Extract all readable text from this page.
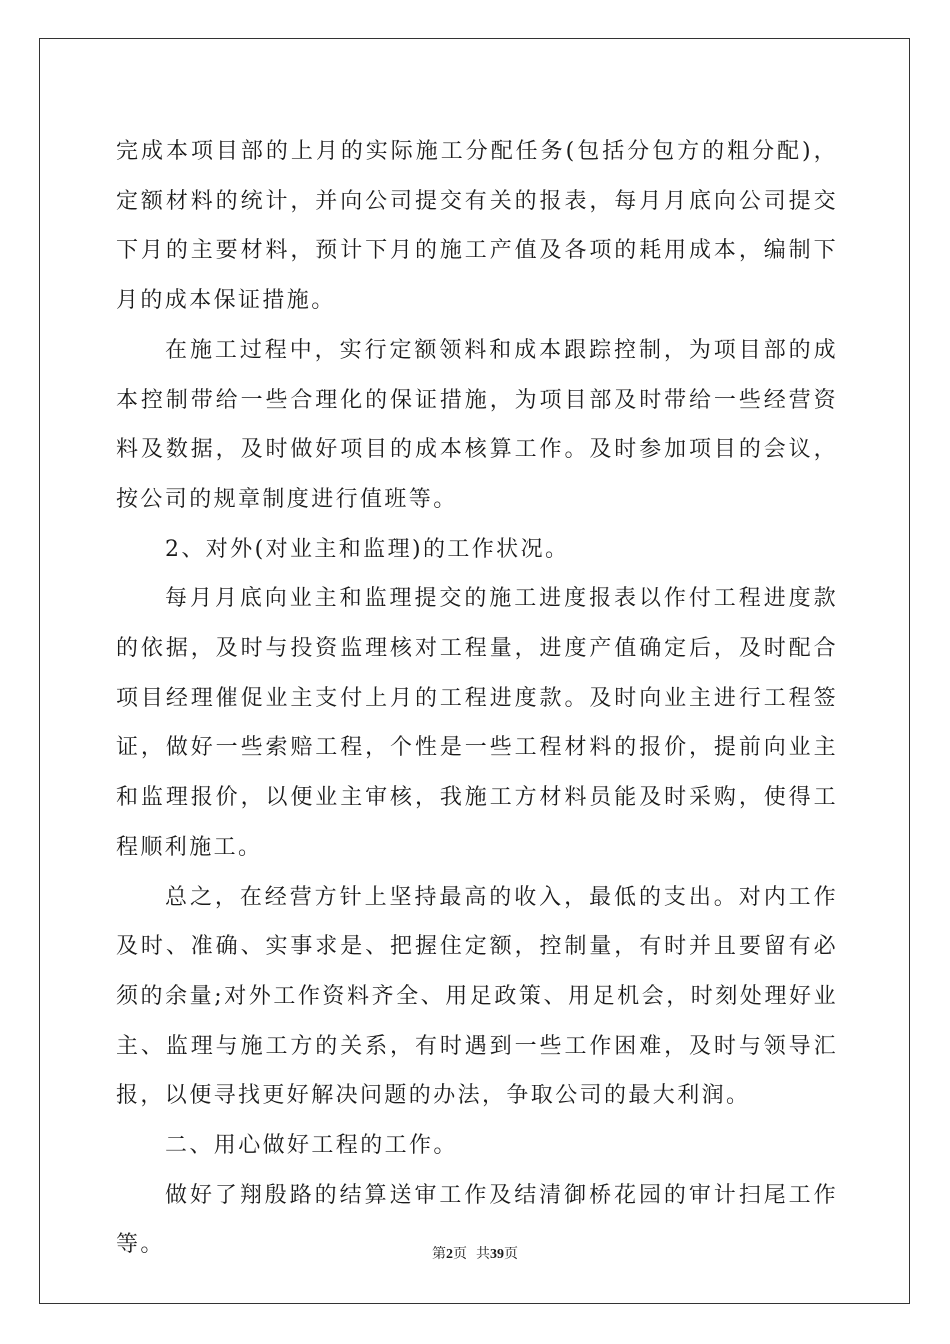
完成本项目部的上月的实际施工分配任务(包括分包方的粗分配)，定额材料的统计，并向公司提交有关的报表，每月月底向公司提交下月的主要材料，预计下月的施工产值及各项的耗用成本，编制下月的成本保证措施。

在施工过程中，实行定额领料和成本跟踪控制，为项目部的成本控制带给一些合理化的保证措施，为项目部及时带给一些经营资料及数据，及时做好项目的成本核算工作。及时参加项目的会议，按公司的规章制度进行值班等。

2、对外(对业主和监理)的工作状况。

每月月底向业主和监理提交的施工进度报表以作付工程进度款的依据，及时与投资监理核对工程量，进度产值确定后，及时配合项目经理催促业主支付上月的工程进度款。及时向业主进行工程签证，做好一些索赔工程，个性是一些工程材料的报价，提前向业主和监理报价，以便业主审核，我施工方材料员能及时采购，使得工程顺利施工。

总之，在经营方针上坚持最高的收入，最低的支出。对内工作及时、准确、实事求是、把握住定额，控制量，有时并且要留有必须的余量;对外工作资料齐全、用足政策、用足机会，时刻处理好业主、监理与施工方的关系，有时遇到一些工作困难，及时与领导汇报，以便寻找更好解决问题的办法，争取公司的最大利润。

二、用心做好工程的工作。

做好了翔殷路的结算送审工作及结清御桥花园的审计扫尾工作等。	第2页  共39页
